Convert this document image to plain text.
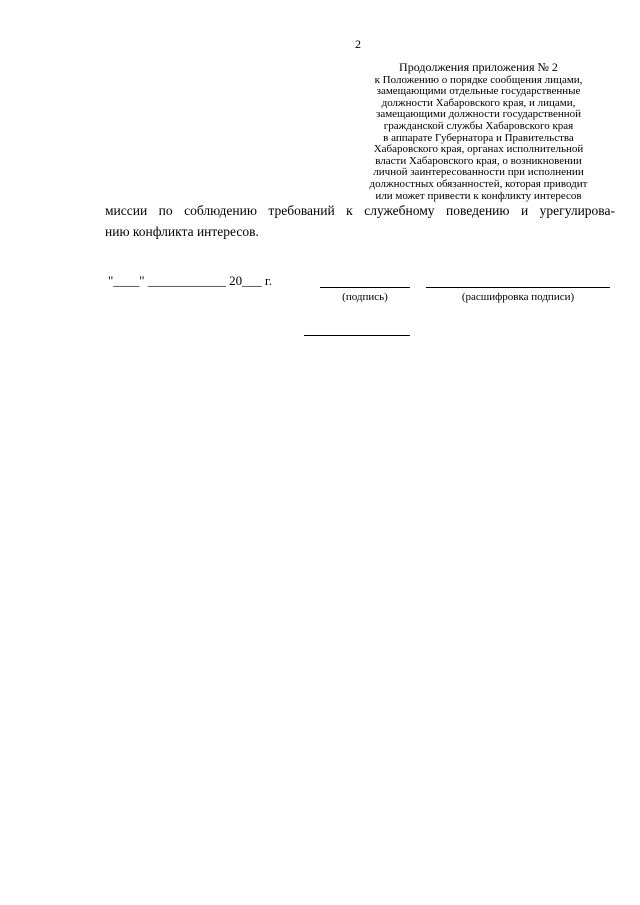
2
Продолжения приложения № 2
к Положению о порядке сообщения лицами,
замещающими отдельные государственные
должности Хабаровского края, и лицами,
замещающими должности государственной
гражданской службы Хабаровского края
в аппарате Губернатора и Правительства
Хабаровского края, органах исполнительной
власти Хабаровского края, о возникновении
личной заинтересованности при исполнении
должностных обязанностей, которая приводит
или может привести к конфликту интересов

миссии по соблюдению требований к служебному поведению и урегулирова-

нию конфликта интересов.

"____" ____________ 20___ г.
(подпись)	(расшифровка подписи)
